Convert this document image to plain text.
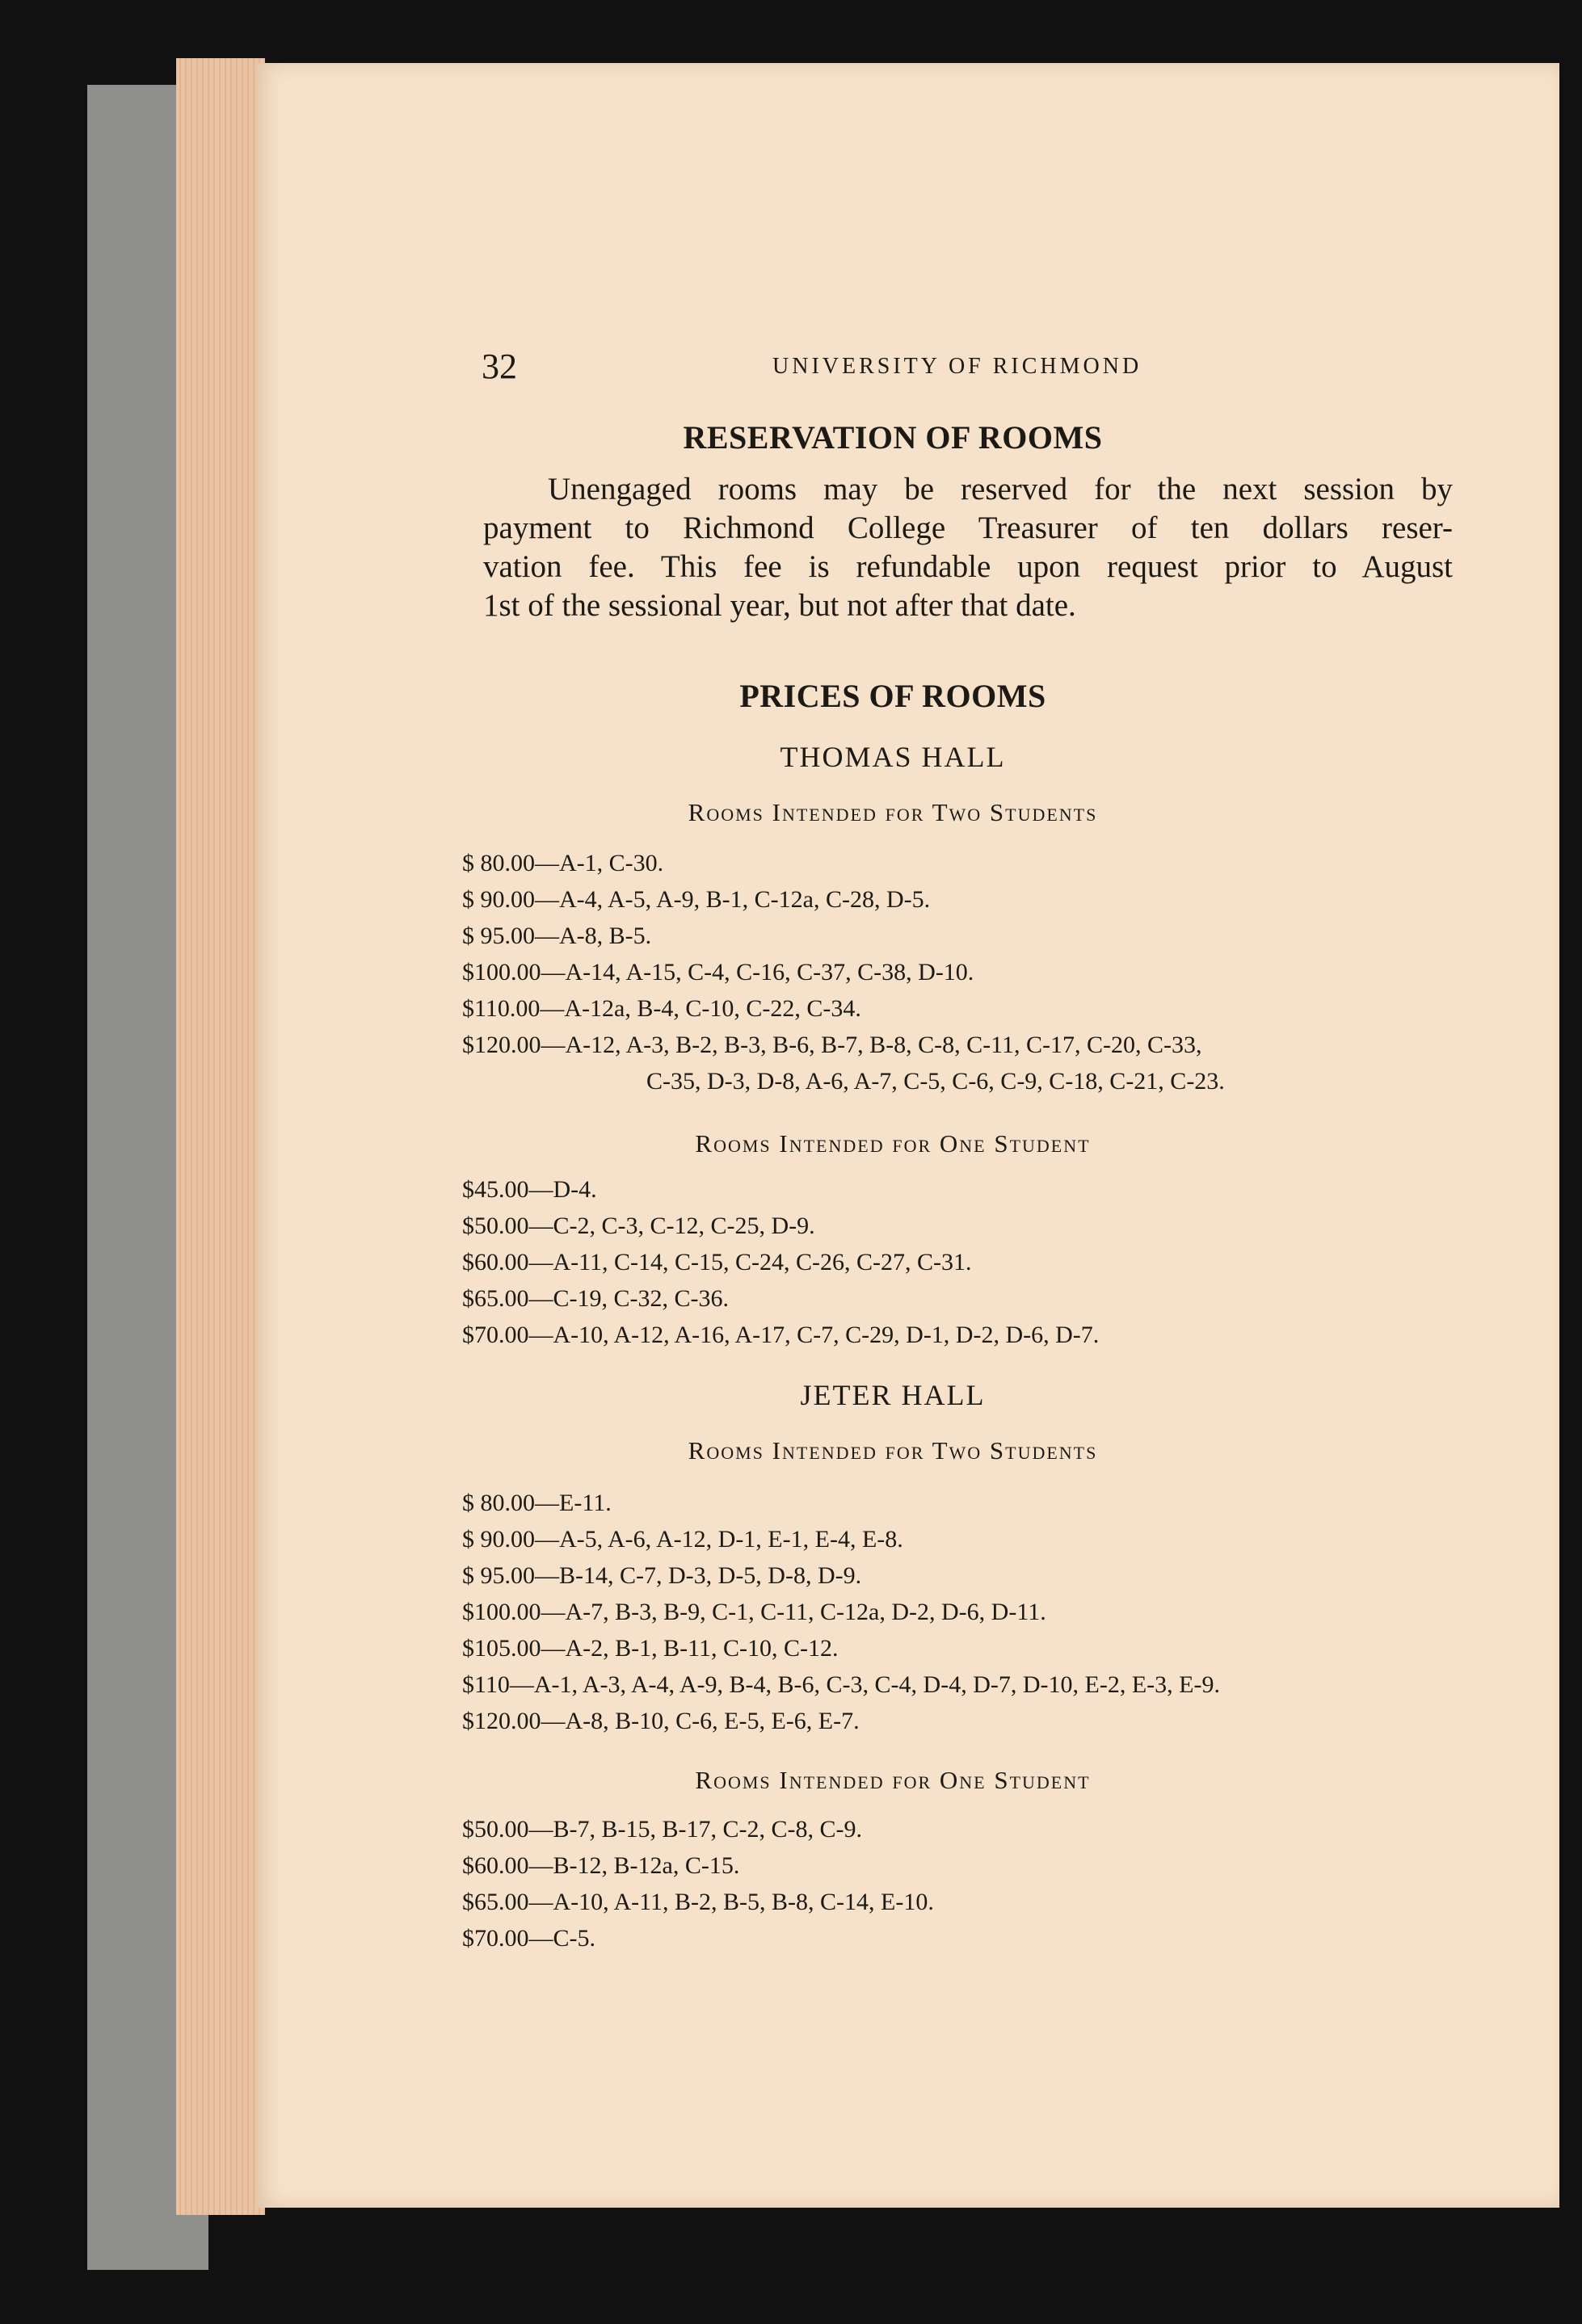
32	UNIVERSITY OF RICHMOND
RESERVATION OF ROOMS
Unengaged rooms may be reserved for the next session by
payment to Richmond College Treasurer of ten dollars reser-
vation fee. This fee is refundable upon request prior to August
1st of the sessional year, but not after that date.
PRICES OF ROOMS
THOMAS HALL
Rooms Intended for Two Students
$ 80.00—A-1, C-30.
$ 90.00—A-4, A-5, A-9, B-1, C-12a, C-28, D-5.
$ 95.00—A-8, B-5.
$100.00—A-14, A-15, C-4, C-16, C-37, C-38, D-10.
$110.00—A-12a, B-4, C-10, C-22, C-34.
$120.00—A-12, A-3, B-2, B-3, B-6, B-7, B-8, C-8, C-11, C-17, C-20, C-33,
C-35, D-3, D-8, A-6, A-7, C-5, C-6, C-9, C-18, C-21, C-23.
Rooms Intended for One Student
$45.00—D-4.
$50.00—C-2, C-3, C-12, C-25, D-9.
$60.00—A-11, C-14, C-15, C-24, C-26, C-27, C-31.
$65.00—C-19, C-32, C-36.
$70.00—A-10, A-12, A-16, A-17, C-7, C-29, D-1, D-2, D-6, D-7.
JETER HALL
Rooms Intended for Two Students
$ 80.00—E-11.
$ 90.00—A-5, A-6, A-12, D-1, E-1, E-4, E-8.
$ 95.00—B-14, C-7, D-3, D-5, D-8, D-9.
$100.00—A-7, B-3, B-9, C-1, C-11, C-12a, D-2, D-6, D-11.
$105.00—A-2, B-1, B-11, C-10, C-12.
$110—A-1, A-3, A-4, A-9, B-4, B-6, C-3, C-4, D-4, D-7, D-10, E-2, E-3, E-9.
$120.00—A-8, B-10, C-6, E-5, E-6, E-7.
Rooms Intended for One Student
$50.00—B-7, B-15, B-17, C-2, C-8, C-9.
$60.00—B-12, B-12a, C-15.
$65.00—A-10, A-11, B-2, B-5, B-8, C-14, E-10.
$70.00—C-5.
